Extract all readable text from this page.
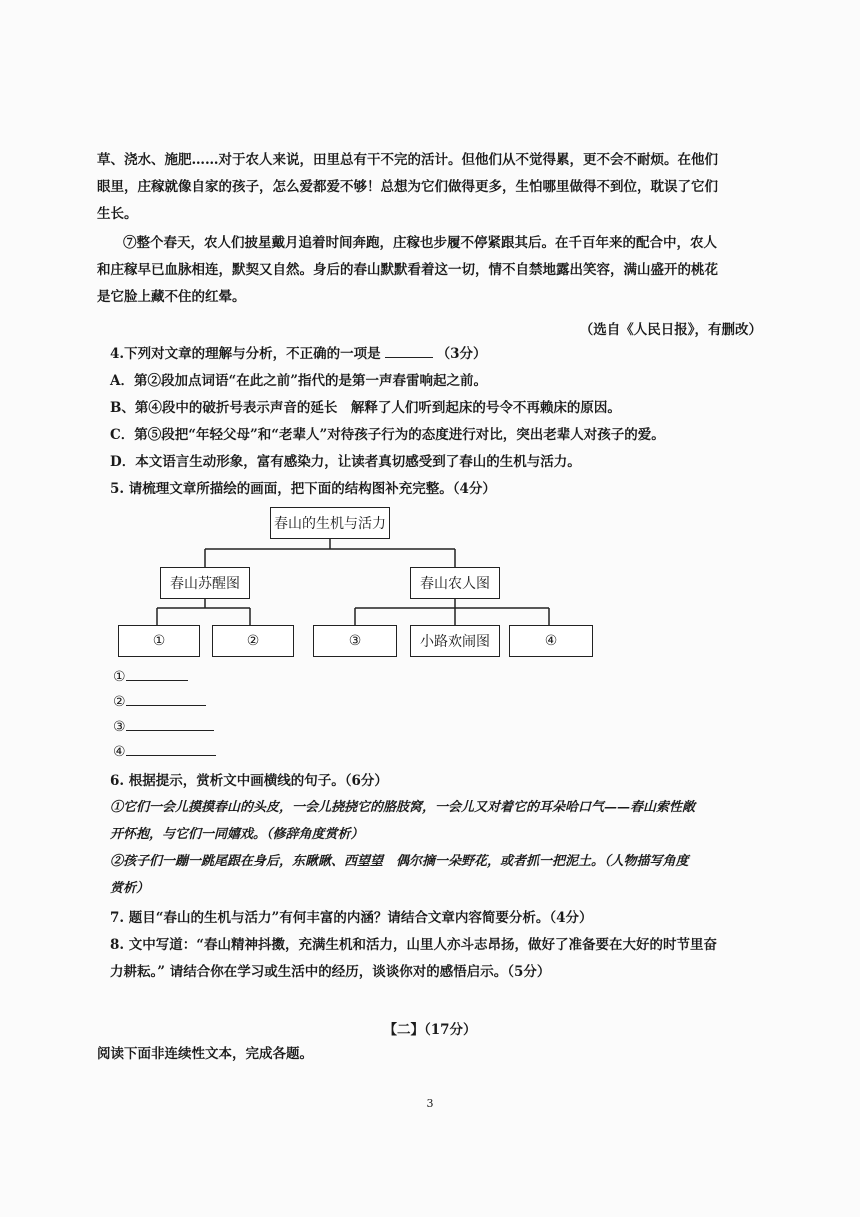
草、浇水、施肥……对于农人来说，田里总有干不完的活计。但他们从不觉得累，更不会不耐烦。在他们
眼里，庄稼就像自家的孩子，怎么爱都爱不够！总想为它们做得更多，生怕哪里做得不到位，耽误了它们
生长。
⑦整个春天，农人们披星戴月追着时间奔跑，庄稼也步履不停紧跟其后。在千百年来的配合中，农人
和庄稼早已血脉相连，默契又自然。身后的春山默默看着这一切，情不自禁地露出笑容，满山盛开的桃花
是它脸上藏不住的红晕。
（选自《人民日报》，有删改）
4.下列对文章的理解与分析，不正确的一项是	（3分）
A．第②段加点词语“在此之前”指代的是第一声春雷响起之前。
B、第④段中的破折号表示声音的延长　解释了人们听到起床的号令不再赖床的原因。
C．第⑤段把“年轻父母”和“老辈人”对待孩子行为的态度进行对比，突出老辈人对孩子的爱。
D．本文语言生动形象，富有感染力，让读者真切感受到了春山的生机与活力。
5. 请梳理文章所描绘的画面，把下面的结构图补充完整。（4分）
春山的生机与活力
春山苏醒图	春山农人图
①	②	③	小路欢闹图	④
①
②
③
④
6. 根据提示，赏析文中画横线的句子。（6分）
①它们一会儿摸摸春山的头皮，一会儿挠挠它的胳肢窝，一会儿又对着它的耳朵哈口气——春山索性敞
开怀抱，与它们一同嬉戏。（修辞角度赏析）
②孩子们一蹦一跳尾跟在身后，东瞅瞅、西望望　偶尔摘一朵野花，或者抓一把泥土。（人物描写角度
赏析）
7. 题目“春山的生机与活力”有何丰富的内涵？请结合文章内容简要分析。（4分）
8. 文中写道：“春山精神抖擞，充满生机和活力，山里人亦斗志昂扬，做好了准备要在大好的时节里奋
力耕耘。” 请结合你在学习或生活中的经历，谈谈你对的感悟启示。（5分）
【二】（17分）
阅读下面非连续性文本，完成各题。
3
